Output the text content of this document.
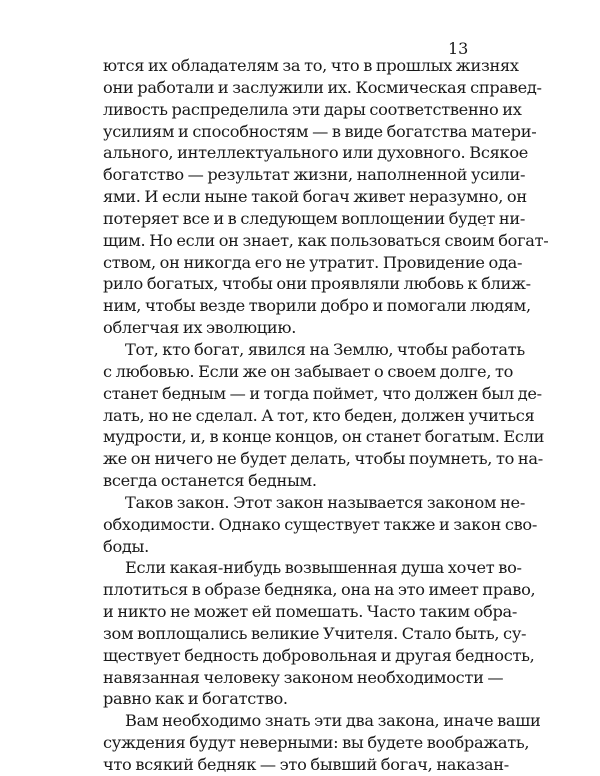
13
ются их обладателям за то, что в прошлых жизнях
они работали и заслужили их. Космическая справед-
ливость распределила эти дары соответственно их
усилиям и способностям — в виде богатства матери-
ального, интеллектуального или духовного. Всякое
богатство — результат жизни, наполненной усили-
ями. И если ныне такой богач живет неразумно, он
потеряет все и в следующем воплощении будет ни-
щим. Но если он знает, как пользоваться своим богат-
ством, он никогда его не утратит. Провидение ода-
рило богатых, чтобы они проявляли любовь к ближ-
ним, чтобы везде творили добро и помогали людям,
облегчая их эволюцию.
Тот, кто богат, явился на Землю, чтобы работать
с любовью. Если же он забывает о своем долге, то
станет бедным — и тогда поймет, что должен был де-
лать, но не сделал. А тот, кто беден, должен учиться
мудрости, и, в конце концов, он станет богатым. Если
же он ничего не будет делать, чтобы поумнеть, то на-
всегда останется бедным.
Таков закон. Этот закон называется законом не-
обходимости. Однако существует также и закон сво-
боды.
Если какая-нибудь возвышенная душа хочет во-
плотиться в образе бедняка, она на это имеет право,
и никто не может ей помешать. Часто таким обра-
зом воплощались великие Учителя. Стало быть, су-
ществует бедность добровольная и другая бедность,
навязанная человеку законом необходимости —
равно как и богатство.
Вам необходимо знать эти два закона, иначе ваши
суждения будут неверными: вы будете воображать,
что всякий бедняк — это бывший богач, наказан-
